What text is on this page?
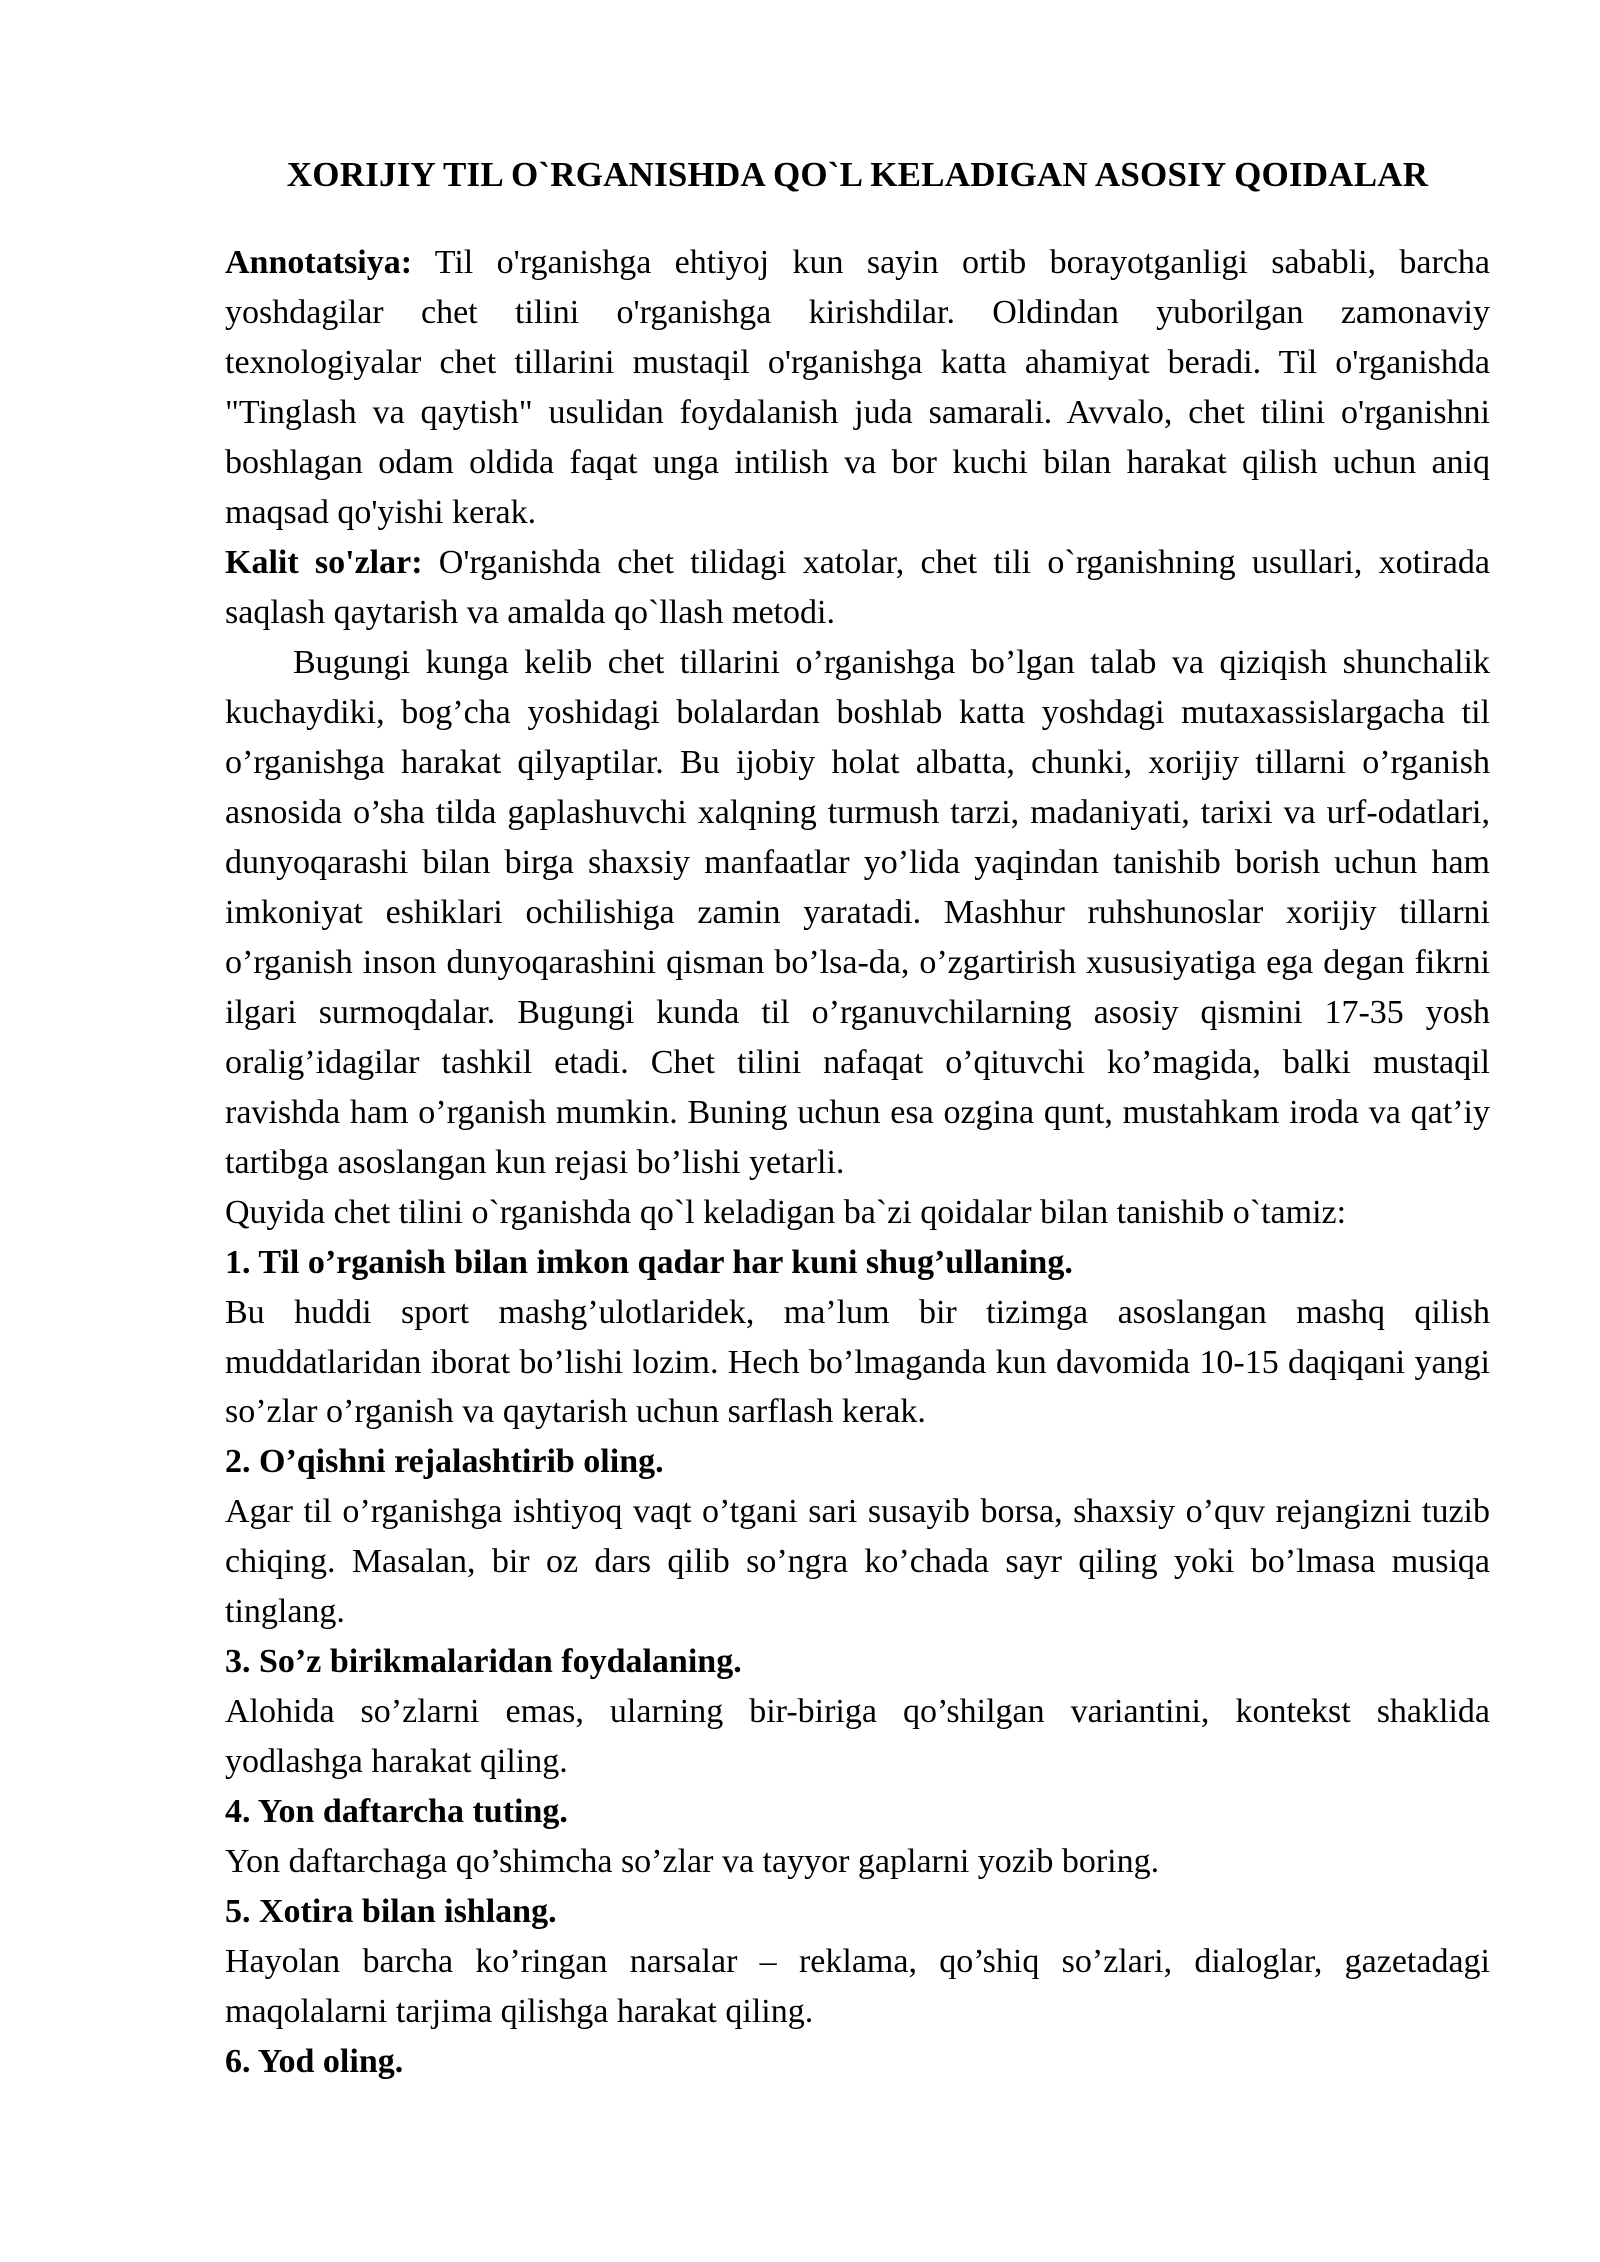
XORIJIY TIL O`RGANISHDA QO`L KELADIGAN ASOSIY QOIDALAR

Annotatsiya: Til o'rganishga ehtiyoj kun sayin ortib borayotganligi sababli, barcha yoshdagilar chet tilini o'rganishga kirishdilar. Oldindan yuborilgan zamonaviy texnologiyalar chet tillarini mustaqil o'rganishga katta ahamiyat beradi. Til o'rganishda "Tinglash va qaytish" usulidan foydalanish juda samarali. Avvalo, chet tilini o'rganishni boshlagan odam oldida faqat unga intilish va bor kuchi bilan harakat qilish uchun aniq maqsad qo'yishi kerak.

Kalit so'zlar: O'rganishda chet tilidagi xatolar, chet tili o`rganishning usullari, xotirada saqlash qaytarish va amalda qo`llash metodi.

Bugungi kunga kelib chet tillarini o’rganishga bo’lgan talab va qiziqish shunchalik kuchaydiki, bog’cha yoshidagi bolalardan boshlab katta yoshdagi mutaxassislargacha til o’rganishga harakat qilyaptilar. Bu ijobiy holat albatta, chunki, xorijiy tillarni o’rganish asnosida o’sha tilda gaplashuvchi xalqning turmush tarzi, madaniyati, tarixi va urf-odatlari, dunyoqarashi bilan birga shaxsiy manfaatlar yo’lida yaqindan tanishib borish uchun ham imkoniyat eshiklari ochilishiga zamin yaratadi. Mashhur ruhshunoslar xorijiy tillarni o’rganish inson dunyoqarashini qisman bo’lsa-da, o’zgartirish xususiyatiga ega degan fikrni ilgari surmoqdalar. Bugungi kunda til o’rganuvchilarning asosiy qismini 17-35 yosh oralig’idagilar tashkil etadi. Chet tilini nafaqat o’qituvchi ko’magida, balki mustaqil ravishda ham o’rganish mumkin. Buning uchun esa ozgina qunt, mustahkam iroda va qat’iy tartibga asoslangan kun rejasi bo’lishi yetarli.

Quyida chet tilini o`rganishda qo`l keladigan ba`zi qoidalar bilan tanishib o`tamiz:

1. Til o’rganish bilan imkon qadar har kuni shug’ullaning.

Bu huddi sport mashg’ulotlaridek, ma’lum bir tizimga asoslangan mashq qilish muddatlaridan iborat bo’lishi lozim. Hech bo’lmaganda kun davomida 10-15 daqiqani yangi so’zlar o’rganish va qaytarish uchun sarflash kerak.

2. O’qishni rejalashtirib oling.

Agar til o’rganishga ishtiyoq vaqt o’tgani sari susayib borsa, shaxsiy o’quv rejangizni tuzib chiqing. Masalan, bir oz dars qilib so’ngra ko’chada sayr qiling yoki bo’lmasa musiqa tinglang.

3. So’z birikmalaridan foydalaning.

Alohida so’zlarni emas, ularning bir-biriga qo’shilgan variantini, kontekst shaklida yodlashga harakat qiling.

4. Yon daftarcha tuting.

Yon daftarchaga qo’shimcha so’zlar va tayyor gaplarni yozib boring.

5. Xotira bilan ishlang.

Hayolan barcha ko’ringan narsalar – reklama, qo’shiq so’zlari, dialoglar, gazetadagi maqolalarni tarjima qilishga harakat qiling.

6. Yod oling.
